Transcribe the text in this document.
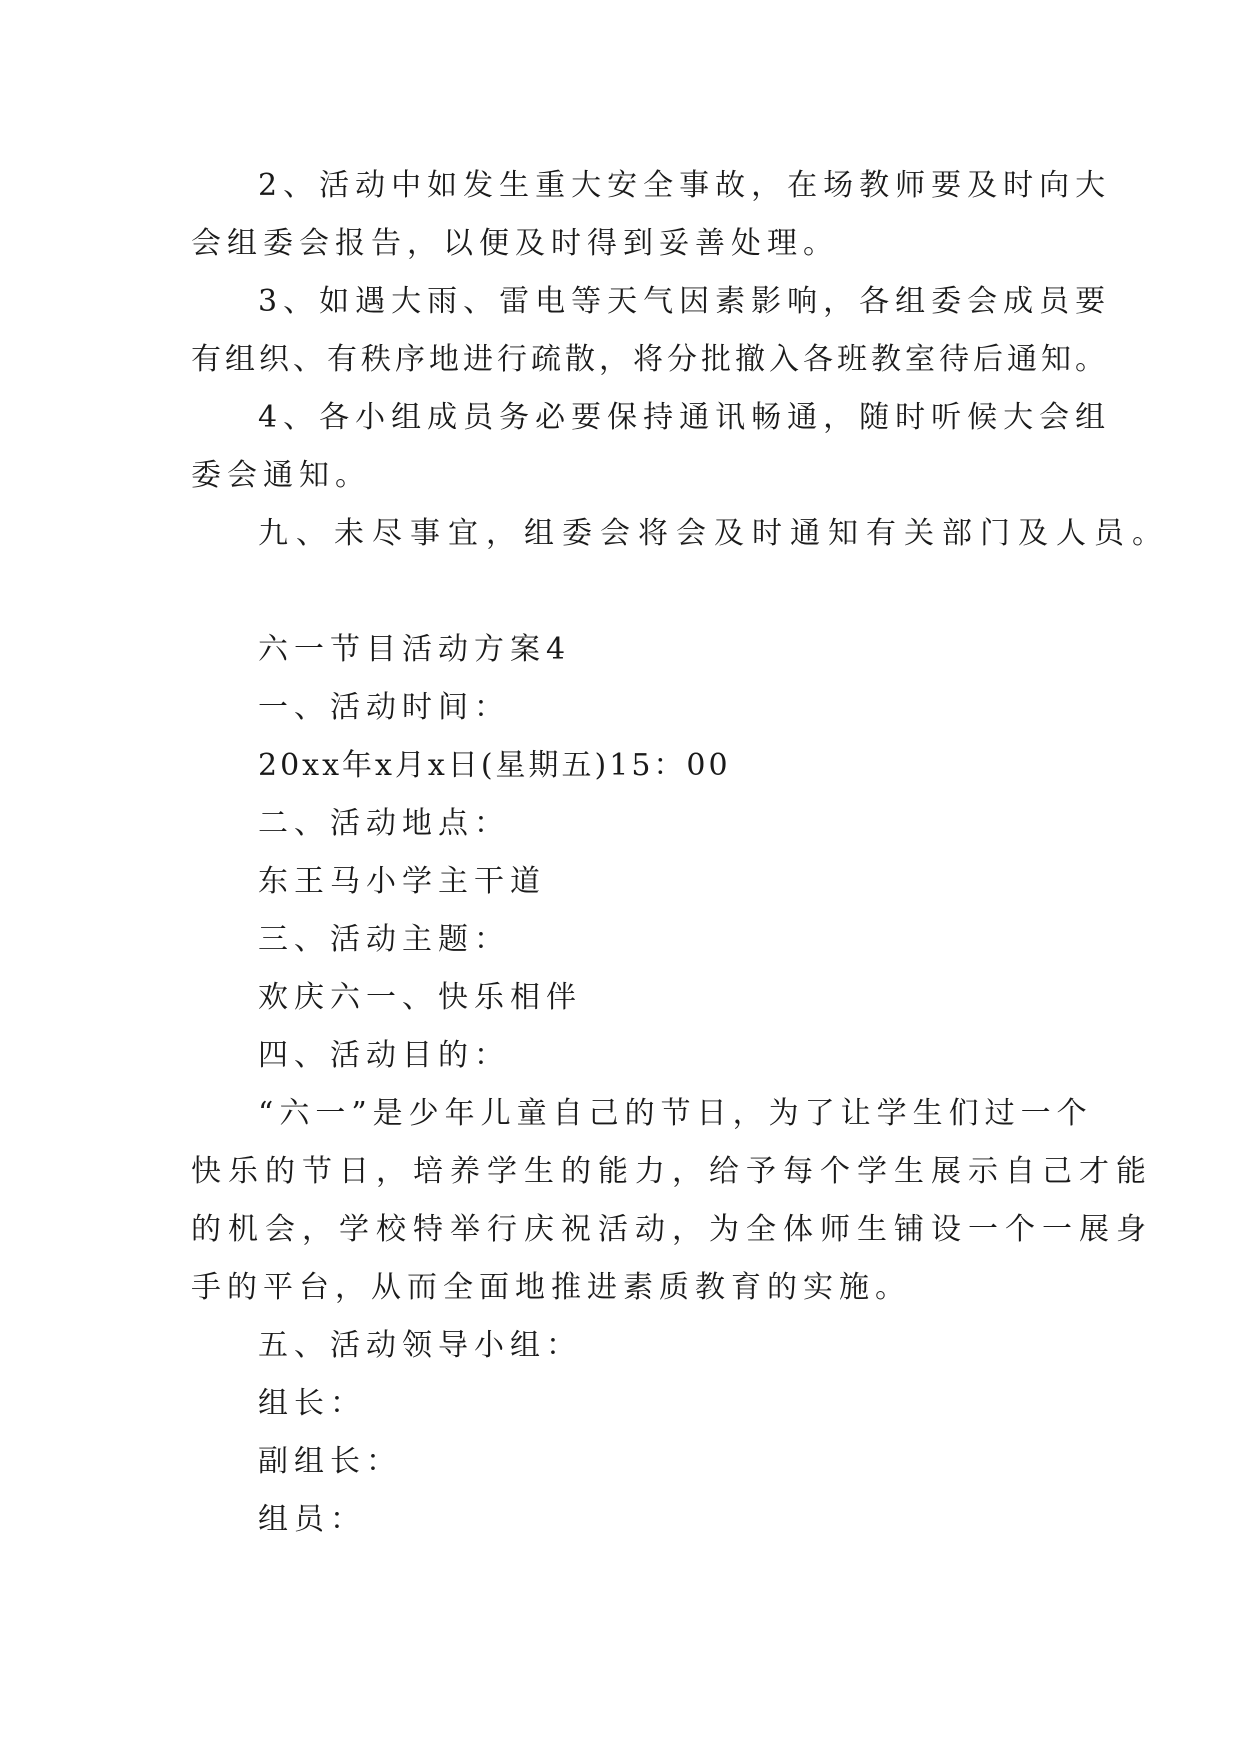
2、活动中如发生重大安全事故，在场教师要及时向大
会组委会报告，以便及时得到妥善处理。
3、如遇大雨、雷电等天气因素影响，各组委会成员要
有组织、有秩序地进行疏散，将分批撤入各班教室待后通知。
4、各小组成员务必要保持通讯畅通，随时听候大会组
委会通知。
九、未尽事宜，组委会将会及时通知有关部门及人员。
六一节目活动方案4
一、活动时间：
20xx年x月x日(星期五)15：00
二、活动地点：
东王马小学主干道
三、活动主题：
欢庆六一、快乐相伴
四、活动目的：
“六一”是少年儿童自己的节日，为了让学生们过一个
快乐的节日，培养学生的能力，给予每个学生展示自己才能
的机会，学校特举行庆祝活动，为全体师生铺设一个一展身
手的平台，从而全面地推进素质教育的实施。
五、活动领导小组：
组长：
副组长：
组员：
